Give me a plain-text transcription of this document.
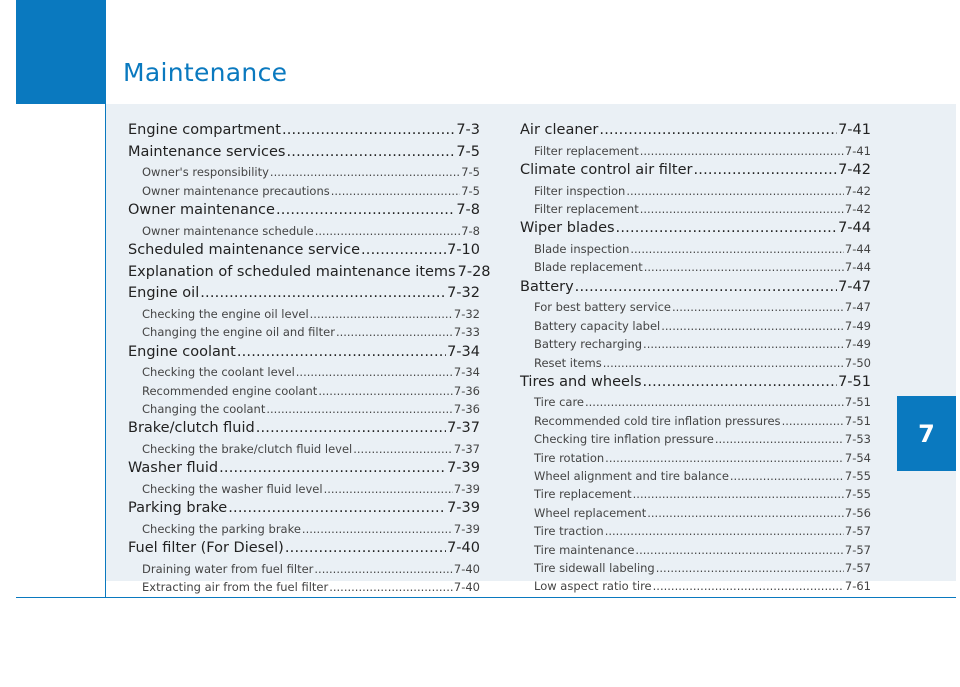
Maintenance
Engine compartment .....	7-3
Maintenance services .....	7-5
Owner's responsibility .....	7-5
Owner maintenance precautions .....	7-5
Owner maintenance .....	7-8
Owner maintenance schedule .....	7-8
Scheduled maintenance service .....	7-10
Explanation of scheduled maintenance items 7-28
Engine oil .....	7-32
Checking the engine oil level .....	7-32
Changing the engine oil and filter .....	7-33
Engine coolant .....	7-34
Checking the coolant level .....	7-34
Recommended engine coolant .....	7-36
Changing the coolant .....	7-36
Brake/clutch fluid .....	7-37
Checking the brake/clutch fluid level .....	7-37
Washer fluid .....	7-39
Checking the washer fluid level .....	7-39
Parking brake .....	7-39
Checking the parking brake .....	7-39
Fuel filter (For Diesel) .....	7-40
Draining water from fuel filter .....	7-40
Extracting air from the fuel filter .....	7-40
Air cleaner .....	7-41
Filter replacement .....	7-41
Climate control air filter .....	7-42
Filter inspection .....	7-42
Filter replacement .....	7-42
Wiper blades .....	7-44
Blade inspection .....	7-44
Blade replacement .....	7-44
Battery .....	7-47
For best battery service .....	7-47
Battery capacity label .....	7-49
Battery recharging .....	7-49
Reset items .....	7-50
Tires and wheels .....	7-51
Tire care .....	7-51
Recommended cold tire inflation pressures .....	7-51
Checking tire inflation pressure .....	7-53
Tire rotation .....	7-54
Wheel alignment and tire balance .....	7-55
Tire replacement .....	7-55
Wheel replacement .....	7-56
Tire traction .....	7-57
Tire maintenance .....	7-57
Tire sidewall labeling .....	7-57
Low aspect ratio tire .....	7-61
7
